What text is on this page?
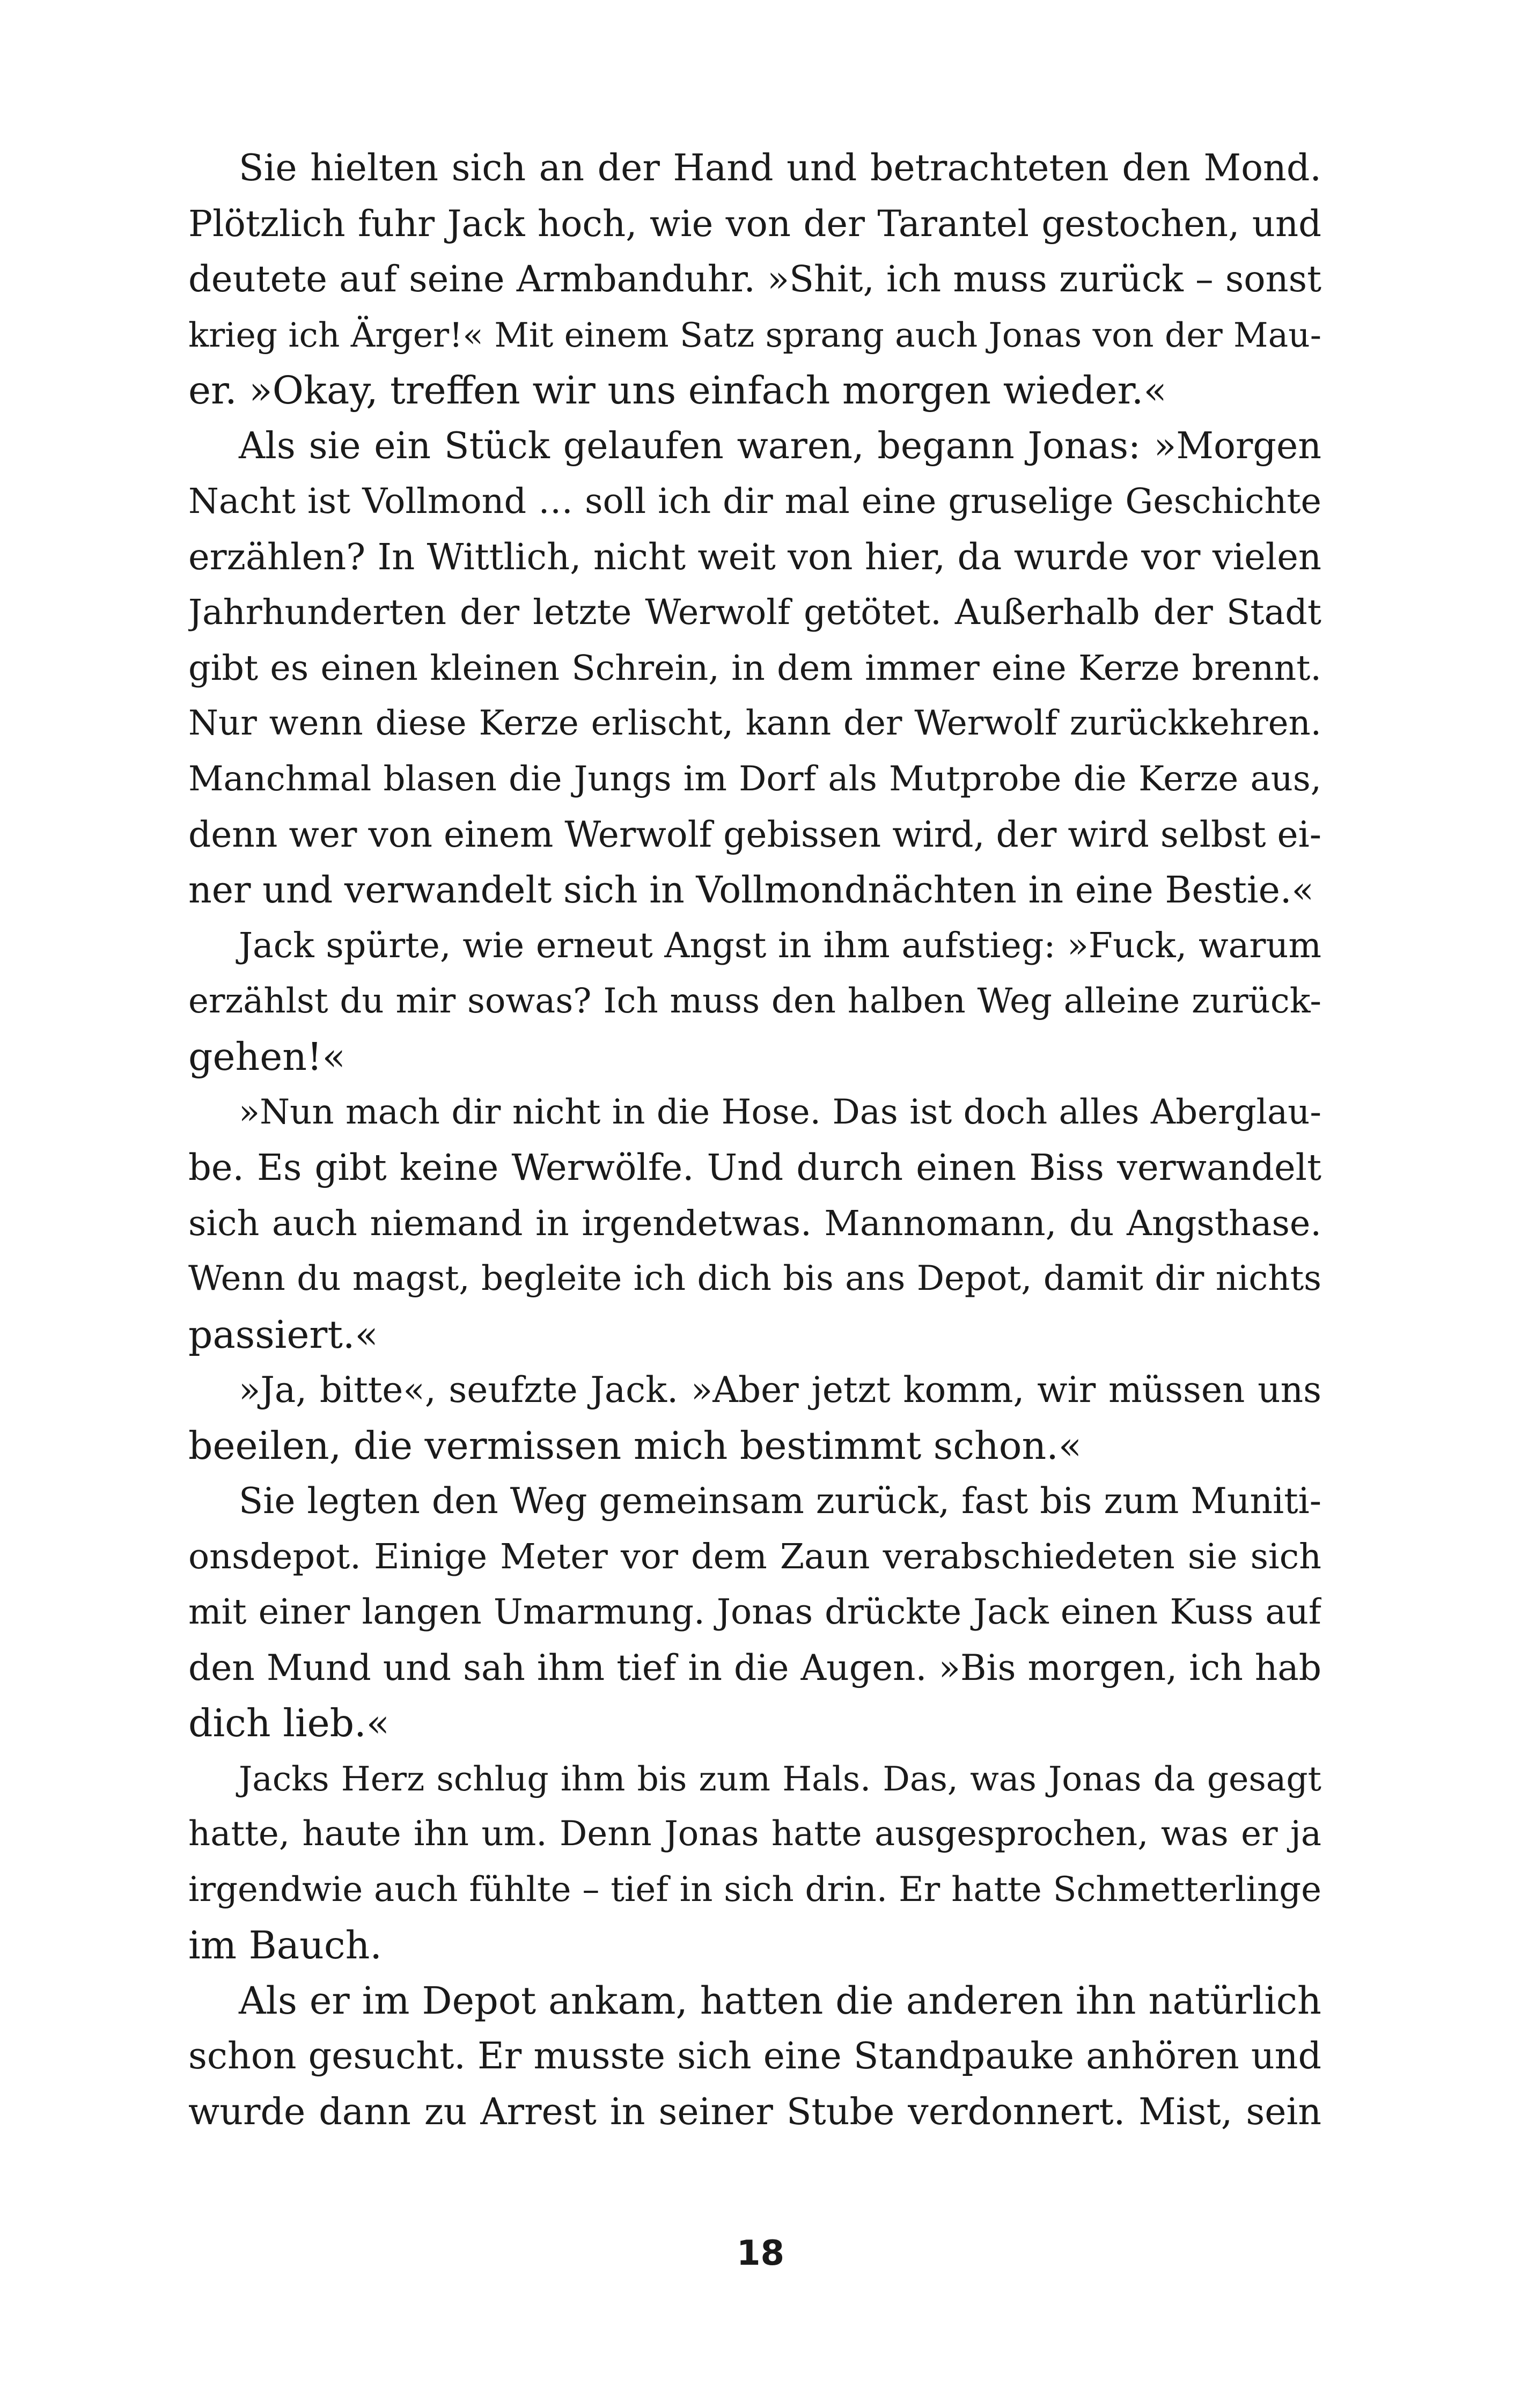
Sie hielten sich an der Hand und betrachteten den Mond.
Plötzlich fuhr Jack hoch, wie von der Tarantel gestochen, und
deutete auf seine Armbanduhr. »Shit, ich muss zurück – sonst
krieg ich Ärger!« Mit einem Satz sprang auch Jonas von der Mau-
er. »Okay, treffen wir uns einfach morgen wieder.«
Als sie ein Stück gelaufen waren, begann Jonas: »Morgen
Nacht ist Vollmond … soll ich dir mal eine gruselige Geschichte
erzählen? In Wittlich, nicht weit von hier, da wurde vor vielen
Jahrhunderten der letzte Werwolf getötet. Außerhalb der Stadt
gibt es einen kleinen Schrein, in dem immer eine Kerze brennt.
Nur wenn diese Kerze erlischt, kann der Werwolf zurückkehren.
Manchmal blasen die Jungs im Dorf als Mutprobe die Kerze aus,
denn wer von einem Werwolf gebissen wird, der wird selbst ei-
ner und verwandelt sich in Vollmondnächten in eine Bestie.«
Jack spürte, wie erneut Angst in ihm aufstieg: »Fuck, warum
erzählst du mir sowas? Ich muss den halben Weg alleine zurück-
gehen!«
»Nun mach dir nicht in die Hose. Das ist doch alles Aberglau-
be. Es gibt keine Werwölfe. Und durch einen Biss verwandelt
sich auch niemand in irgendetwas. Mannomann, du Angsthase.
Wenn du magst, begleite ich dich bis ans Depot, damit dir nichts
passiert.«
»Ja, bitte«, seufzte Jack. »Aber jetzt komm, wir müssen uns
beeilen, die vermissen mich bestimmt schon.«
Sie legten den Weg gemeinsam zurück, fast bis zum Muniti-
onsdepot. Einige Meter vor dem Zaun verabschiedeten sie sich
mit einer langen Umarmung. Jonas drückte Jack einen Kuss auf
den Mund und sah ihm tief in die Augen. »Bis morgen, ich hab
dich lieb.«
Jacks Herz schlug ihm bis zum Hals. Das, was Jonas da gesagt
hatte, haute ihn um. Denn Jonas hatte ausgesprochen, was er ja
irgendwie auch fühlte – tief in sich drin. Er hatte Schmetterlinge
im Bauch.
Als er im Depot ankam, hatten die anderen ihn natürlich
schon gesucht. Er musste sich eine Standpauke anhören und
wurde dann zu Arrest in seiner Stube verdonnert. Mist, sein
18
